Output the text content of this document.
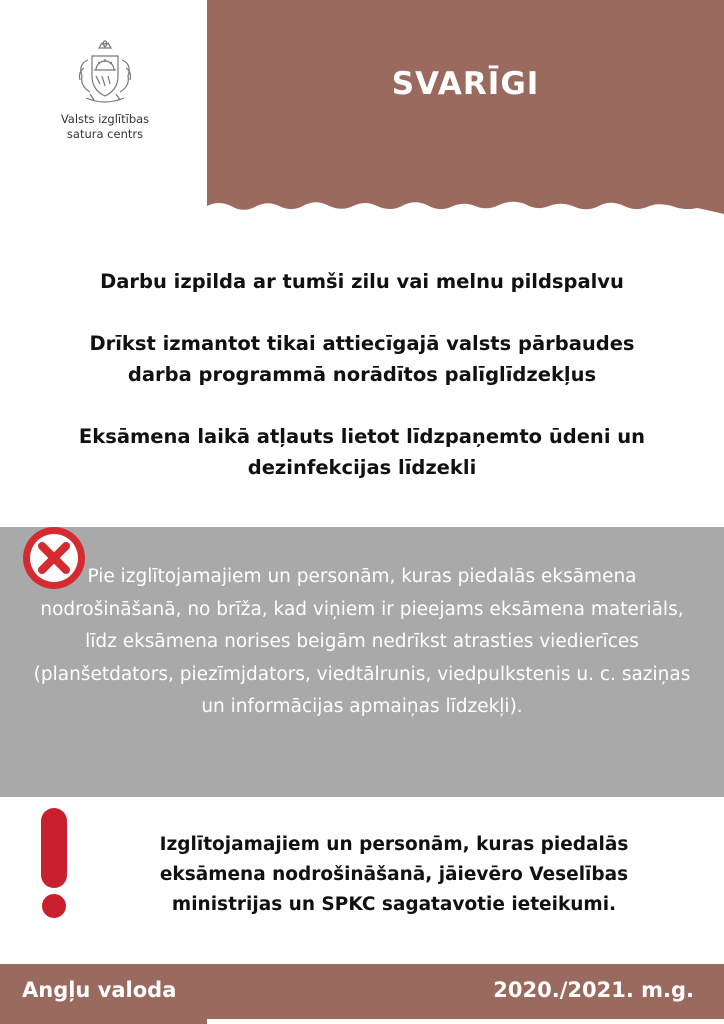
Valsts izglītības
satura centrs
SVARĪGI

Darbu izpilda ar tumši zilu vai melnu pildspalvu

Drīkst izmantot tikai attiecīgajā valsts pārbaudes darba programmā norādītos palīglīdzekļus

Eksāmena laikā atļauts lietot līdzpaņemto ūdeni un dezinfekcijas līdzekli

Pie izglītojamajiem un personām, kuras piedalās eksāmena nodrošināšanā, no brīža, kad viņiem ir pieejams eksāmena materiāls, līdz eksāmena norises beigām nedrīkst atrasties viedierīces (planšetdators, piezīmjdators, viedtālrunis, viedpulkstenis u. c. saziņas un informācijas apmaiņas līdzekļi).
Izglītojamajiem un personām, kuras piedalās eksāmena nodrošināšanā, jāievēro Veselības ministrijas un SPKC sagatavotie ieteikumi.
Angļu valoda	2020./2021. m.g.
